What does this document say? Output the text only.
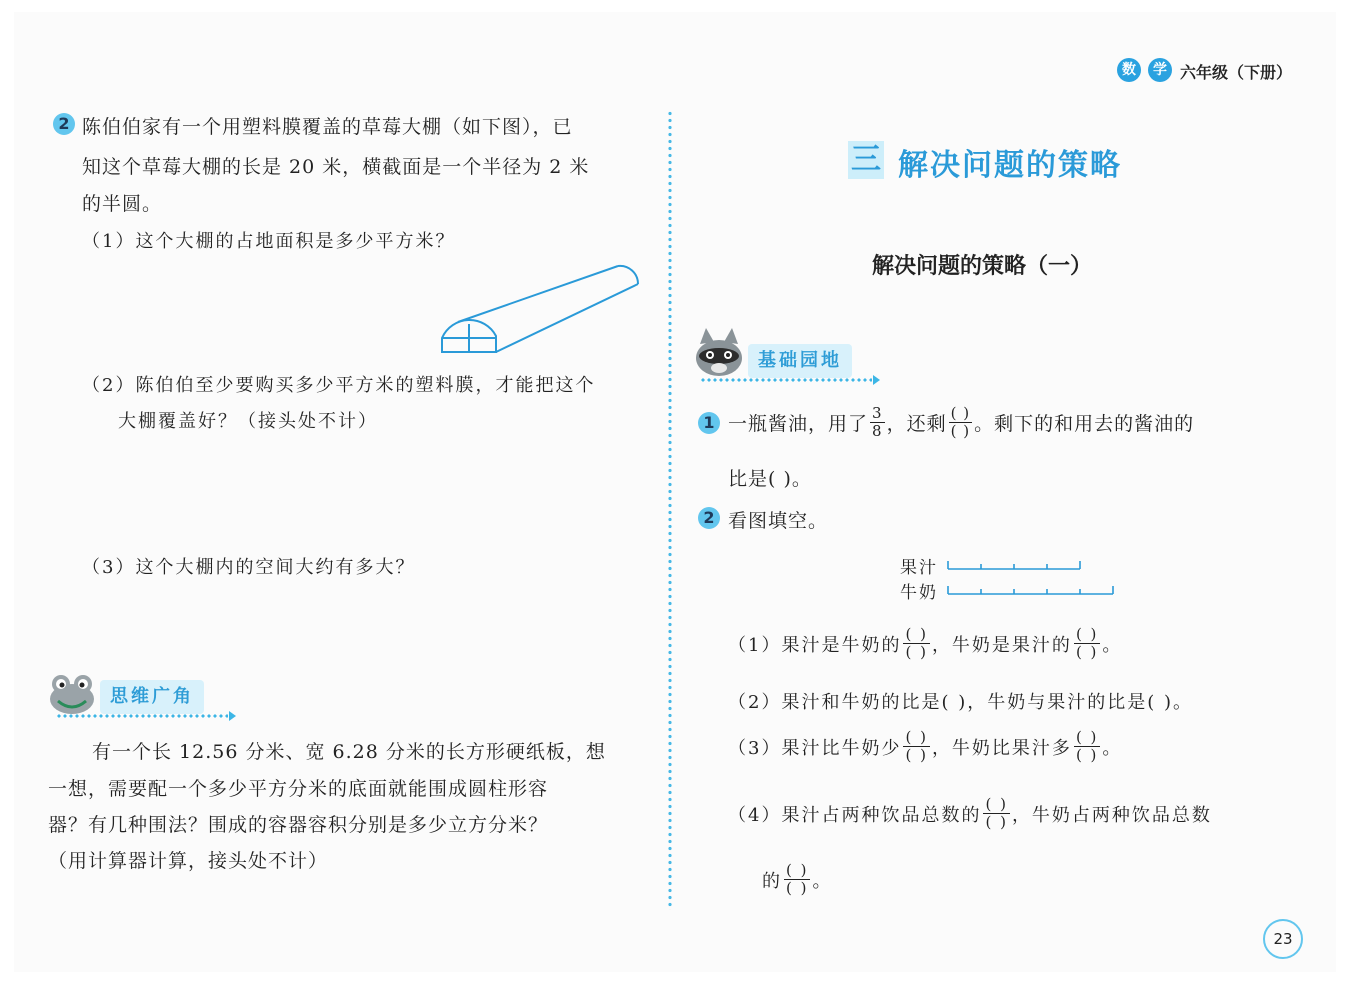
数	学 六年级（下册）
2 陈伯伯家有一个用塑料膜覆盖的草莓大棚（如下图），已
知这个草莓大棚的长是 20 米，横截面是一个半径为 2 米
的半圆。
（1）这个大棚的占地面积是多少平方米？
（2）陈伯伯至少要购买多少平方米的塑料膜，才能把这个
大棚覆盖好？（接头处不计）
（3）这个大棚内的空间大约有多大？
思维广角
有一个长 12.56 分米、宽 6.28 分米的长方形硬纸板，想
一想，需要配一个多少平方分米的底面就能围成圆柱形容
器？有几种围法？围成的容器容积分别是多少立方分米？
（用计算器计算，接头处不计）
三 解决问题的策略
解决问题的策略（一）
基础园地
1 一瓶酱油，用了 $\frac{3}{8}$ ，还剩 $\frac{( )}{( )}$ 。剩下的和用去的酱油的
比是( )。
2 看图填空。
果汁
牛奶
（1）果汁是牛奶的 $\frac{( )}{( )}$ ，牛奶是果汁的 $\frac{( )}{( )}$ 。
（2）果汁和牛奶的比是( )，牛奶与果汁的比是( )。
（3）果汁比牛奶少 $\frac{( )}{( )}$ ，牛奶比果汁多 $\frac{( )}{( )}$ 。
（4）果汁占两种饮品总数的 $\frac{( )}{( )}$ ，牛奶占两种饮品总数
的 $\frac{( )}{( )}$ 。
23
